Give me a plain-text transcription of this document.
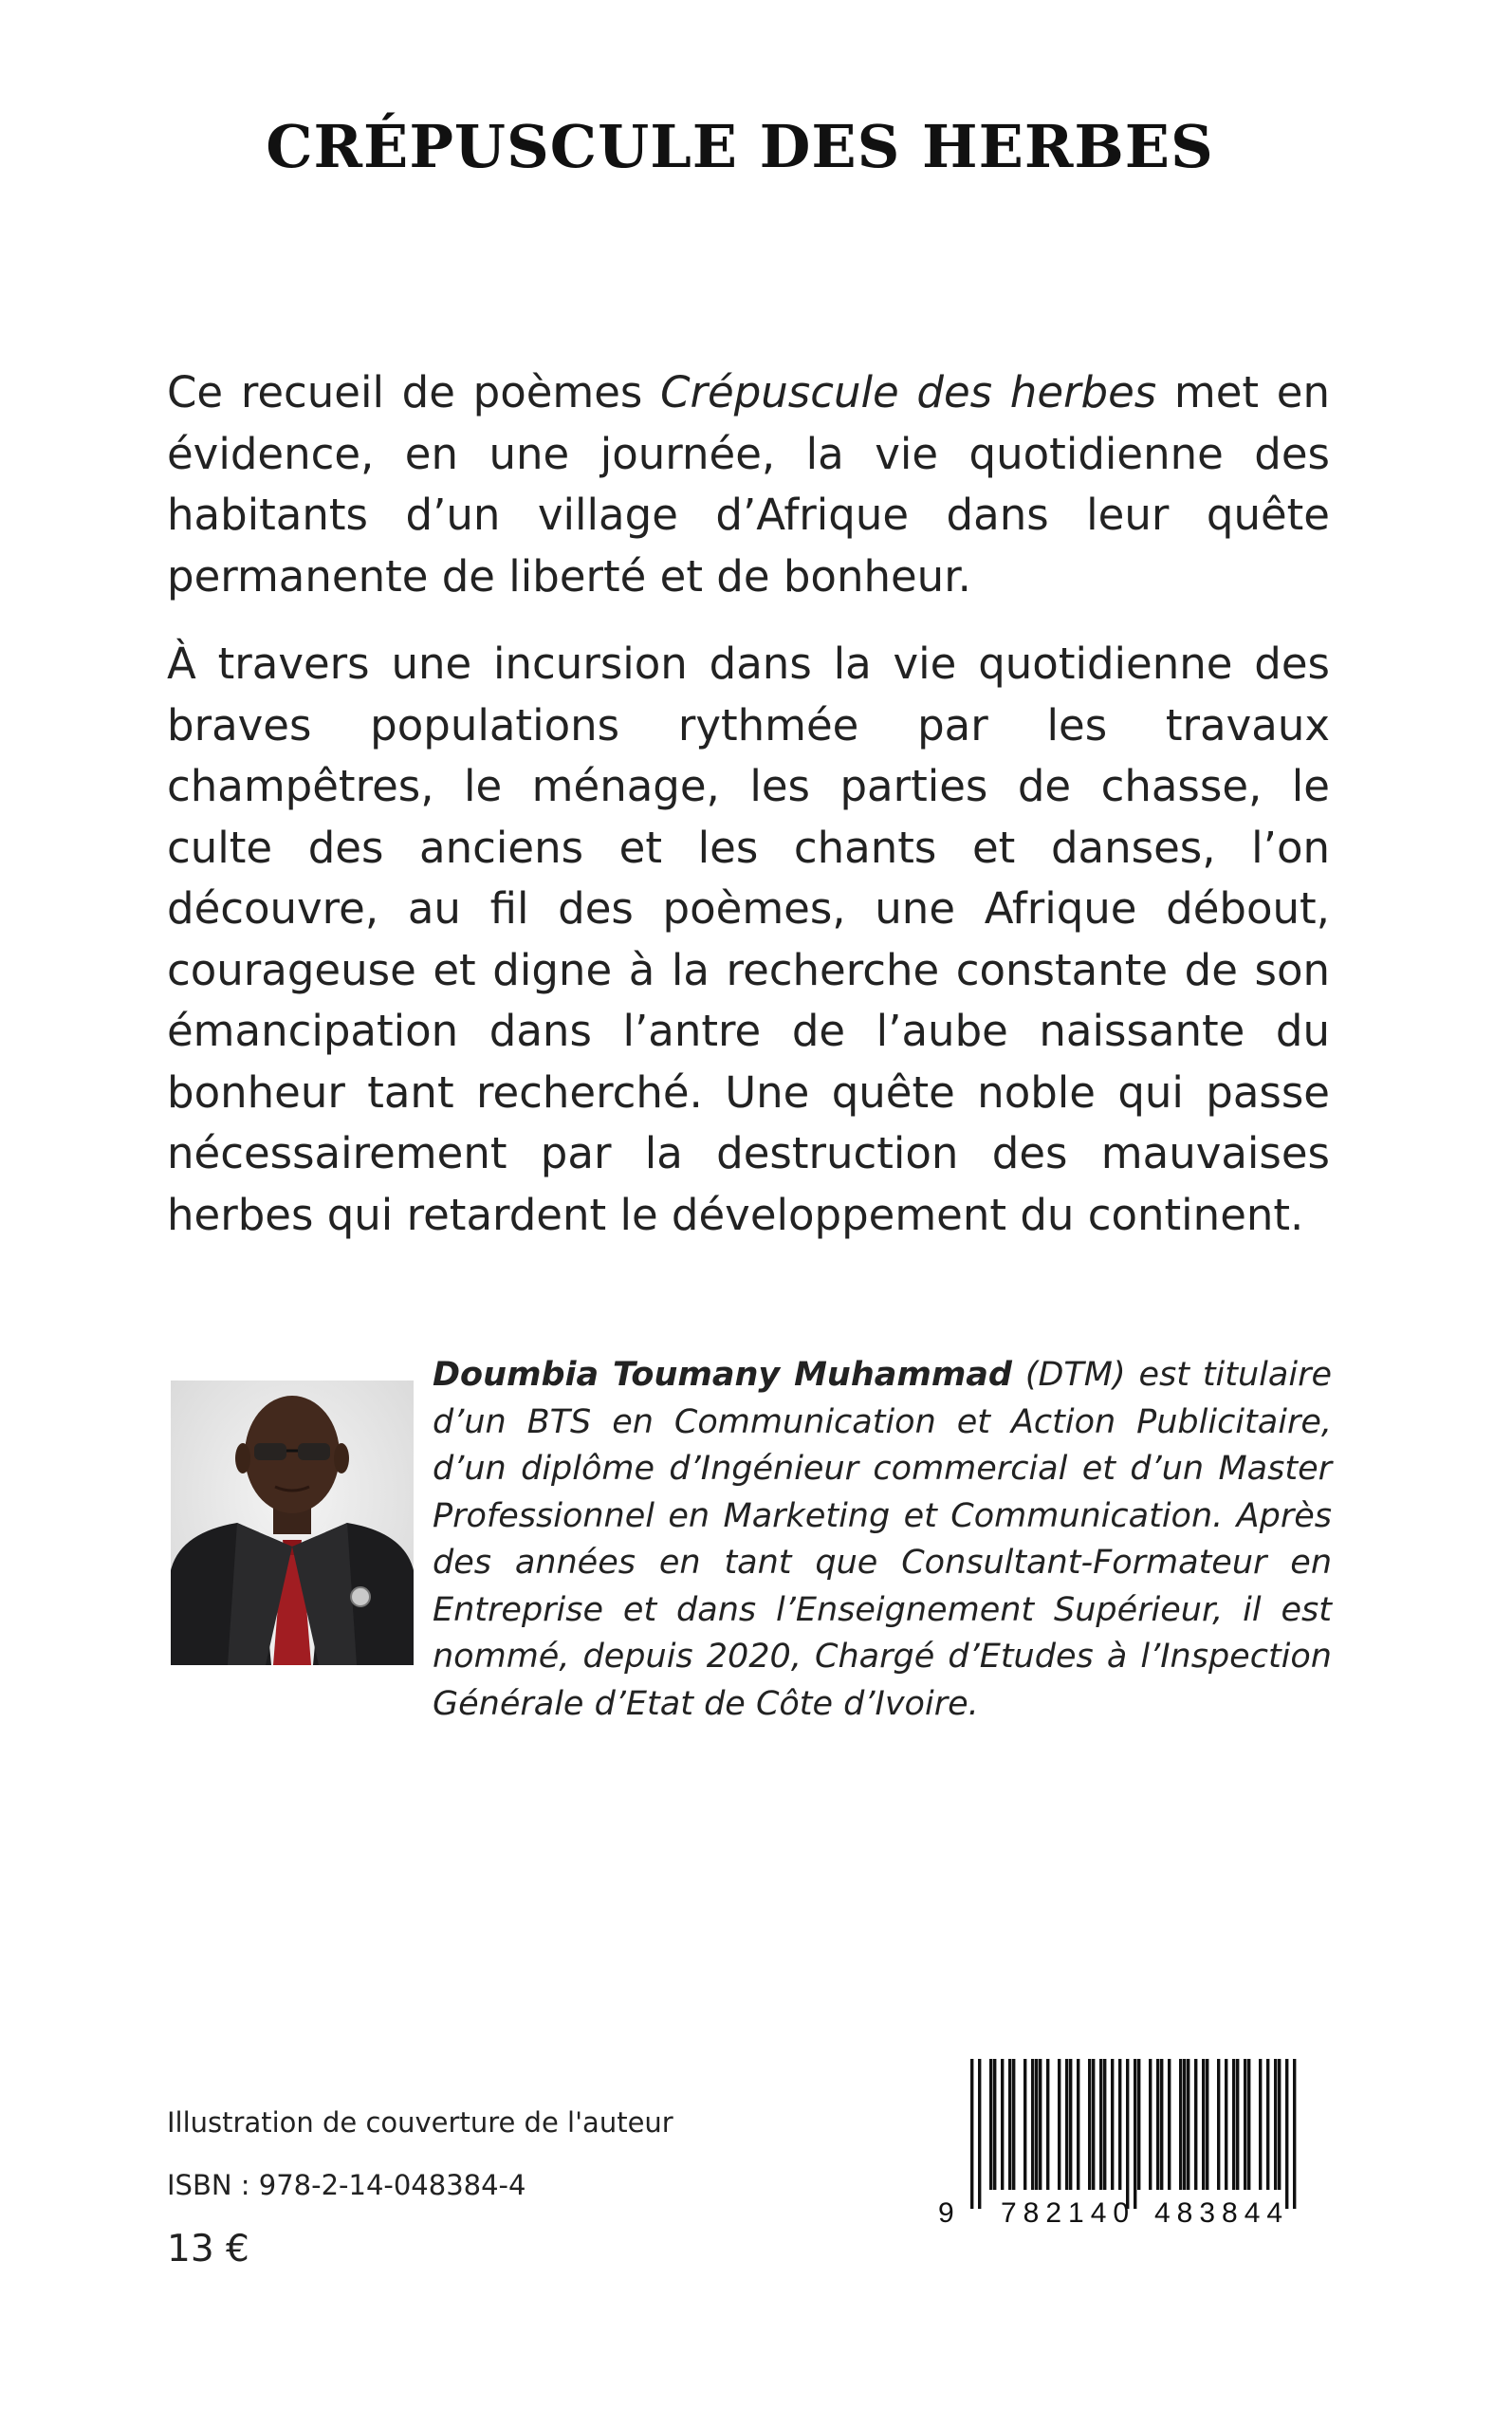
CRÉPUSCULE DES HERBES

Ce recueil de poèmes Crépuscule des herbes met en évidence, en une journée, la vie quotidienne des habitants d’un village d’Afrique dans leur quête permanente de liberté et de bonheur.

À travers une incursion dans la vie quotidienne des braves populations rythmée par les travaux champêtres, le ménage, les parties de chasse, le culte des anciens et les chants et danses, l’on découvre, au fil des poèmes, une Afrique débout, courageuse et digne à la recherche constante de son émancipation dans l’antre de l’aube naissante du bonheur tant recherché. Une quête noble qui passe nécessairement par la destruction des mauvaises herbes qui retardent le développement du continent.

Doumbia Toumany Muhammad (DTM) est titulaire d’un BTS en Communication et Action Publicitaire, d’un diplôme d’Ingénieur commercial et d’un Master Professionnel en Marketing et Communication. Après des années en tant que Consultant-Formateur en Entreprise et dans l’Enseignement Supérieur, il est nommé, depuis 2020, Chargé d’Etudes à l’Inspection Générale d’Etat de Côte d’Ivoire.

Illustration de couverture de l'auteur

ISBN : 978-2-14-048384-4

13 €

9 782140 483844
